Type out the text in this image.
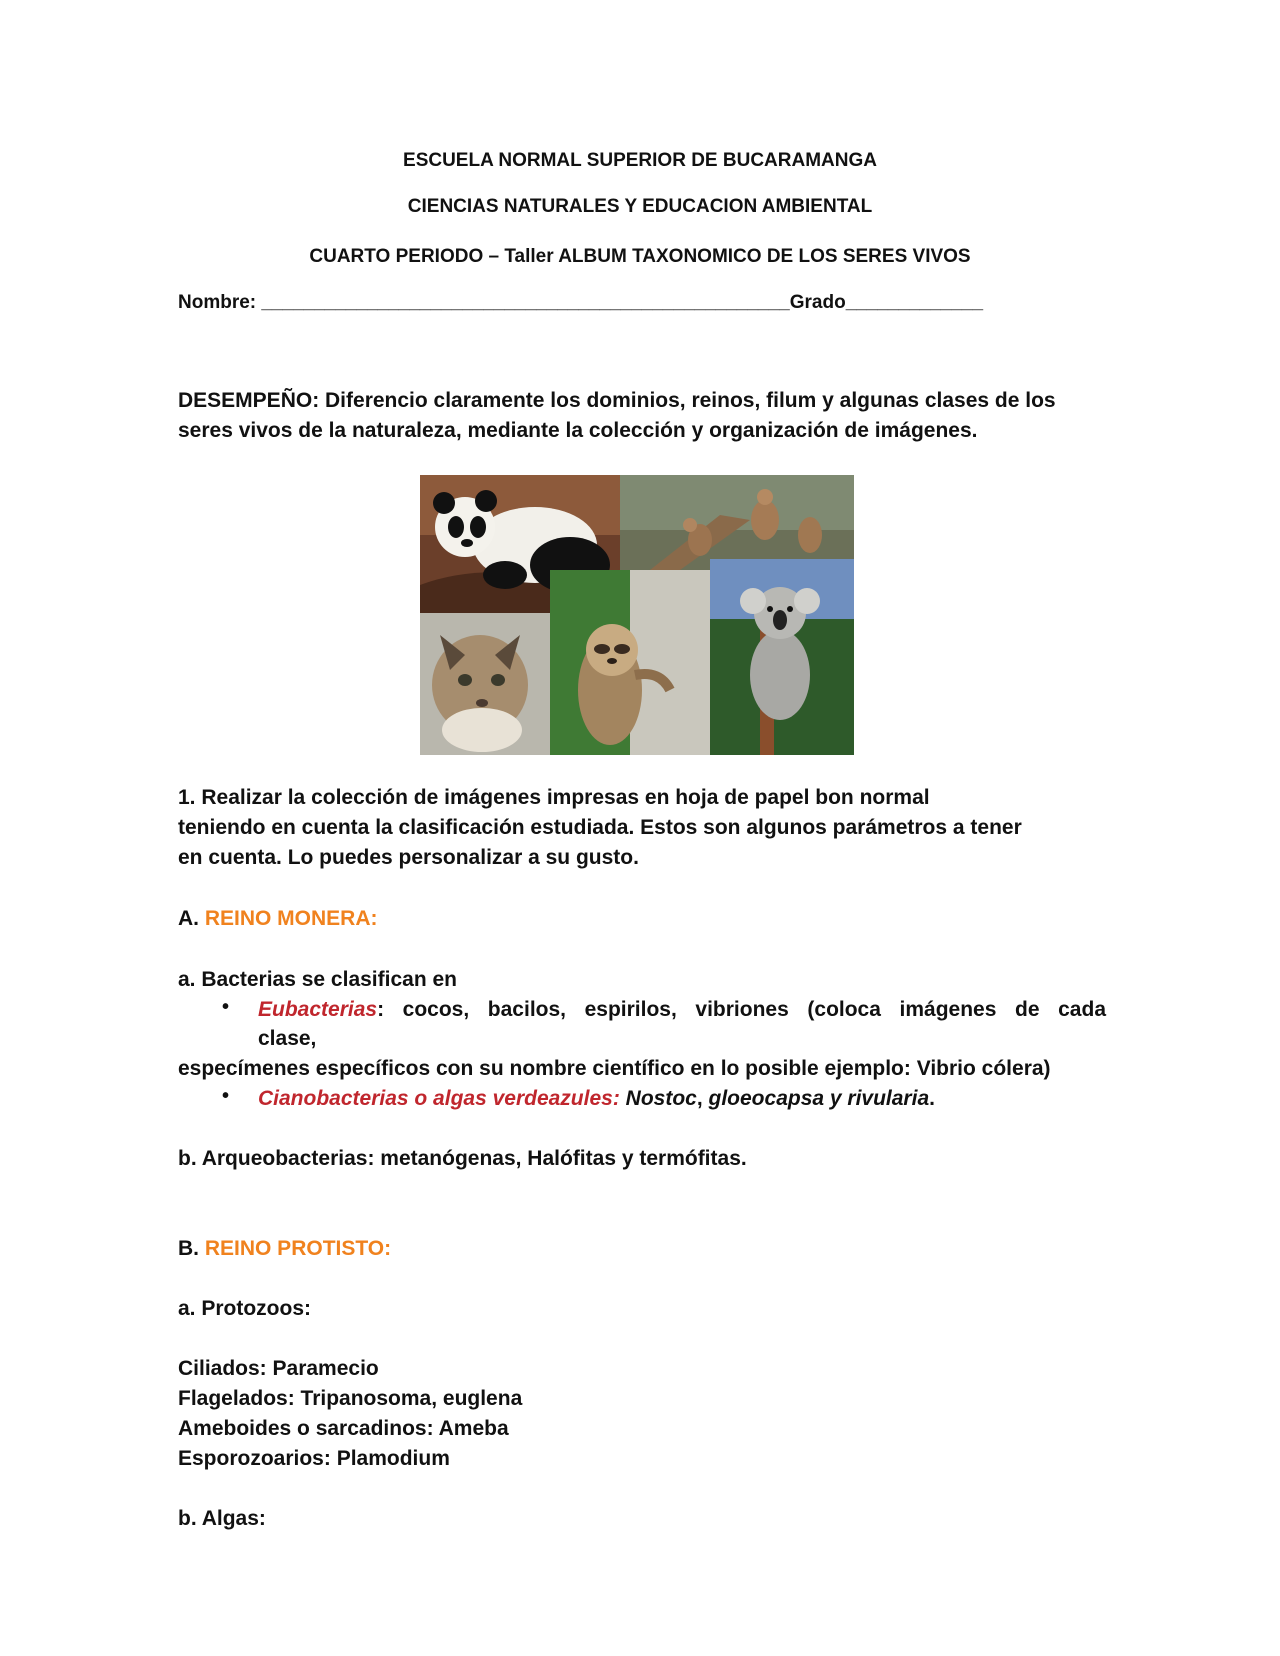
ESCUELA NORMAL SUPERIOR DE BUCARAMANGA
CIENCIAS NATURALES Y EDUCACION AMBIENTAL
CUARTO PERIODO – Taller ALBUM TAXONOMICO DE LOS SERES VIVOS
Nombre: __________________________________________________Grado_____________
DESEMPEÑO: Diferencio claramente los dominios, reinos, filum y algunas clases de los
seres vivos de la naturaleza, mediante la colección y organización de imágenes.
1. Realizar la colección de imágenes impresas en hoja de papel bon normal
teniendo en cuenta la clasificación estudiada. Estos son algunos parámetros a tener
en cuenta. Lo puedes personalizar a su gusto.
A. REINO MONERA:
a. Bacterias se clasifican en
• Eubacterias: cocos, bacilos, espirilos, vibriones (coloca imágenes de cada
clase,
especímenes específicos con su nombre científico en lo posible ejemplo: Vibrio cólera)
• Cianobacterias o algas verdeazules: Nostoc, gloeocapsa y rivularia.
b. Arqueobacterias: metanógenas, Halófitas y termófitas.
B. REINO PROTISTO:
a. Protozoos:
Ciliados: Paramecio
Flagelados: Tripanosoma, euglena
Ameboides o sarcadinos: Ameba
Esporozoarios: Plamodium
b. Algas:
